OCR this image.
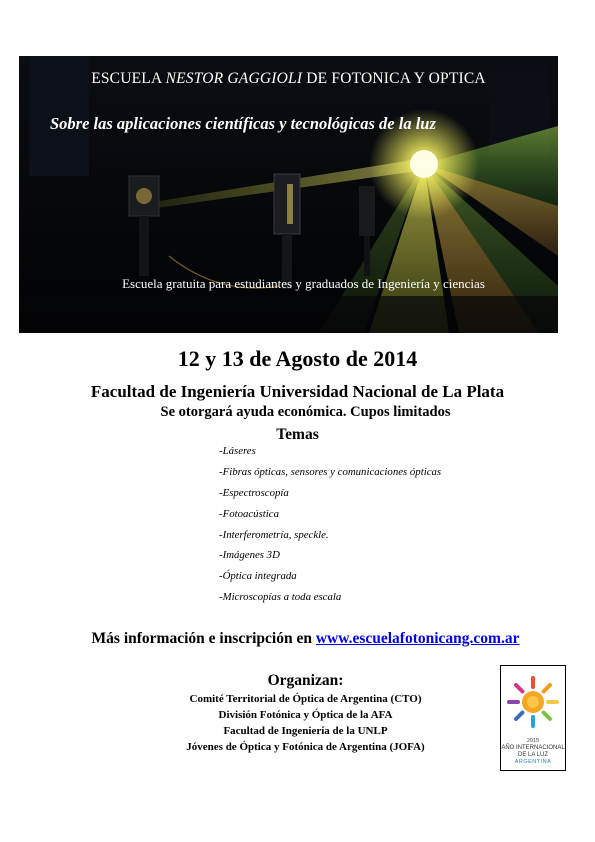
ESCUELA NESTOR GAGGIOLI DE FOTONICA Y OPTICA
Sobre las aplicaciones científicas y tecnológicas de la luz
Escuela gratuita para estudiantes y graduados de Ingeniería y ciencias
12 y 13 de Agosto de 2014
Facultad de Ingeniería Universidad Nacional de La Plata
Se otorgará ayuda económica. Cupos limitados
Temas
-Láseres
-Fibras ópticas, sensores y comunicaciones ópticas
-Espectroscopía
-Fotoacústica
-Interferometría, speckle.
-Imágenes 3D
-Óptica integrada
-Microscopías a toda escala
Más información e inscripción en www.escuelafotonicang.com.ar
Organizan:
Comité Territorial de Óptica de Argentina (CTO)
División Fotónica y Óptica de la AFA
Facultad de Ingeniería de la UNLP
Jóvenes de Óptica y Fotónica de Argentina (JOFA)	2015
AÑO INTERNACIONAL
DE LA LUZ
ARGENTINA
